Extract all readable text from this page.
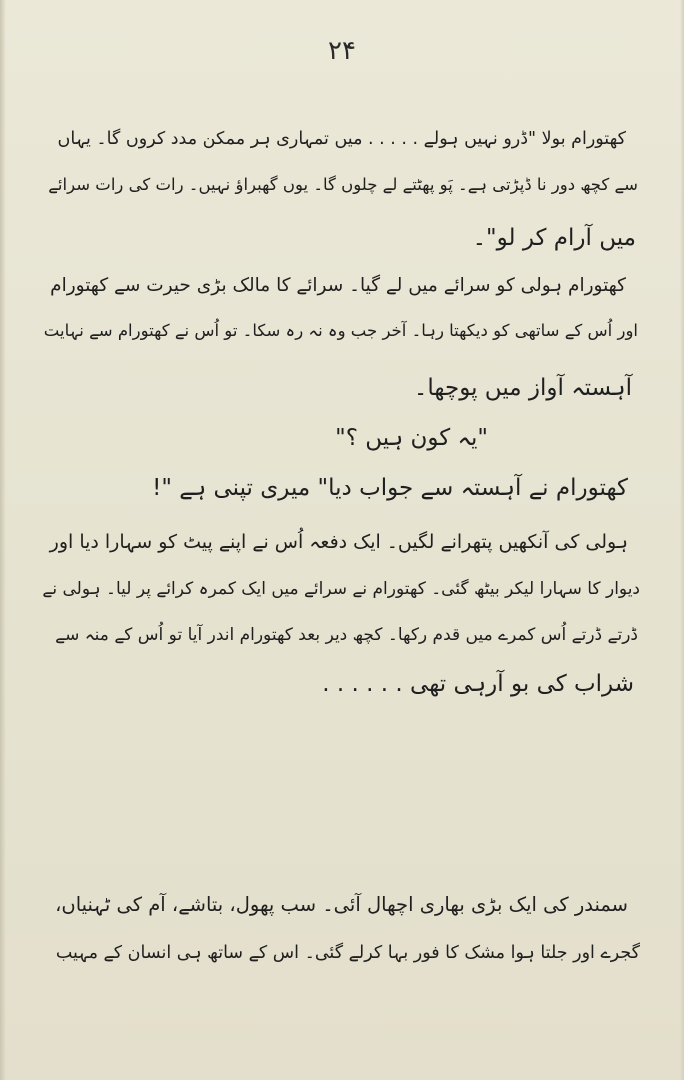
۲۴
کھتورام بولا "ڈرو نہیں ہولے . . . . . میں تمہاری ہر ممکن مدد کروں گا۔ یہاں
سے کچھ دور نا ڈپڑتی ہے۔ پَو پھٹتے لے چلوں گا۔ یوں گھبراؤ نہیں۔ رات کی رات سرائے
میں آرام کر لو"۔
کھتورام ہولی کو سرائے میں لے گیا۔ سرائے کا مالک بڑی حیرت سے کھتورام
اور اُس کے ساتھی کو دیکھتا رہا۔ آخر جب وہ نہ رہ سکا۔ تو اُس نے کھتورام سے نہایت
آہستہ آواز میں پوچھا۔
"یہ کون ہیں ؟"
کھتورام نے آہستہ سے جواب دیا" میری تپنی ہے "!
ہولی کی آنکھیں پتھرانے لگیں۔ ایک دفعہ اُس نے اپنے پیٹ کو سہارا دیا اور
دیوار کا سہارا لیکر بیٹھ گئی۔ کھتورام نے سرائے میں ایک کمرہ کرائے پر لیا۔ ہولی نے
ڈرتے ڈرتے اُس کمرے میں قدم رکھا۔ کچھ دیر بعد کھتورام اندر آیا تو اُس کے منہ سے
شراب کی بو آرہی تھی . . . . . .
سمندر کی ایک بڑی بھاری اچھال آئی۔ سب پھول، بتاشے، آم کی ٹہنیاں،
گجرے اور جلتا ہوا مشک کا فور بہا کرلے گئی۔ اس کے ساتھ ہی انسان کے مہیب
